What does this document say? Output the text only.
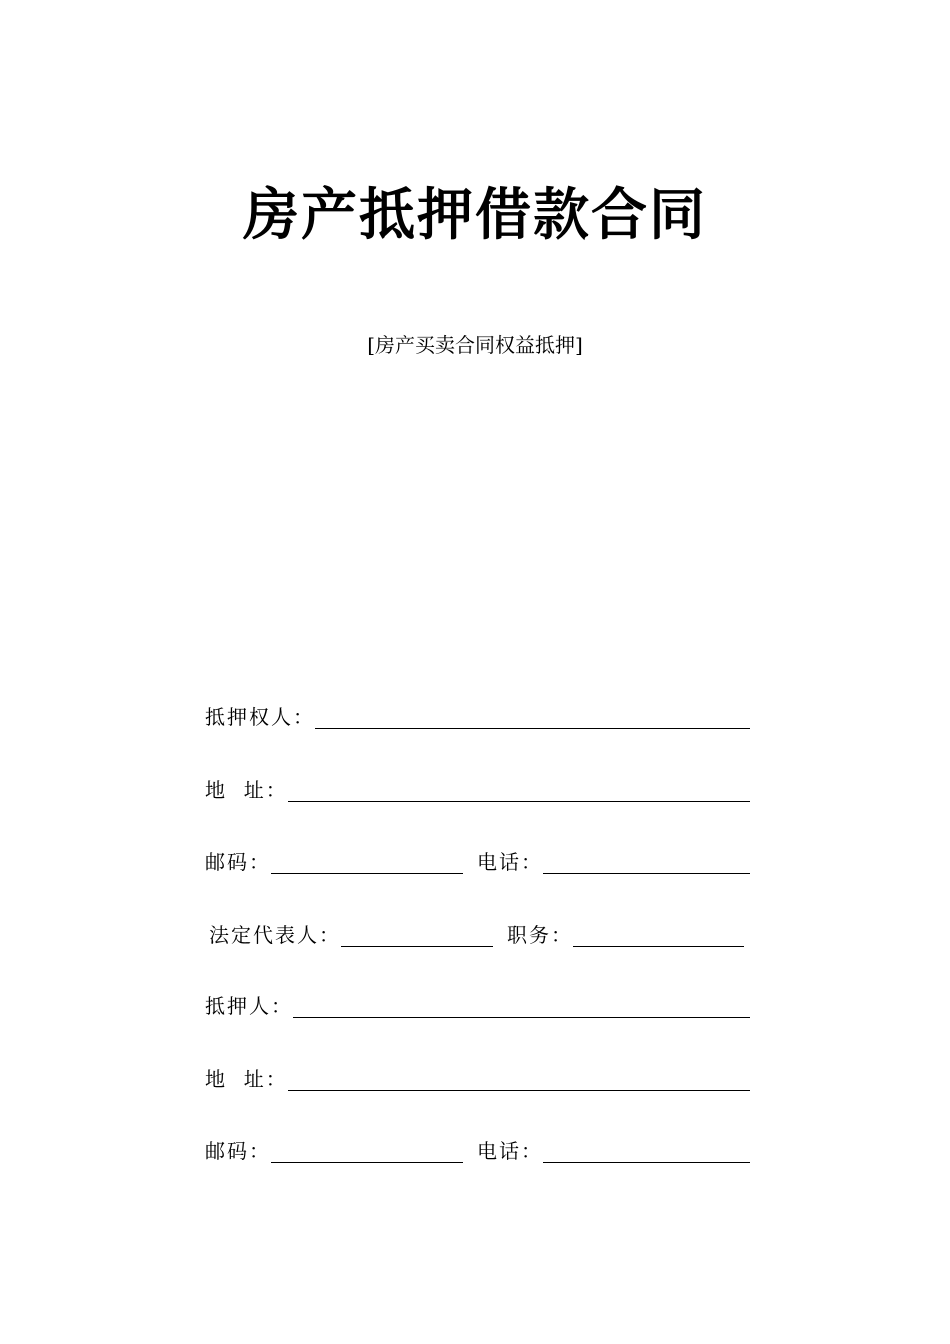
房产抵押借款合同
[房产买卖合同权益抵押]
抵押权人：
地  址：
邮码：	电话：
法定代表人：	职务：
抵押人：
地  址：
邮码：	电话：
